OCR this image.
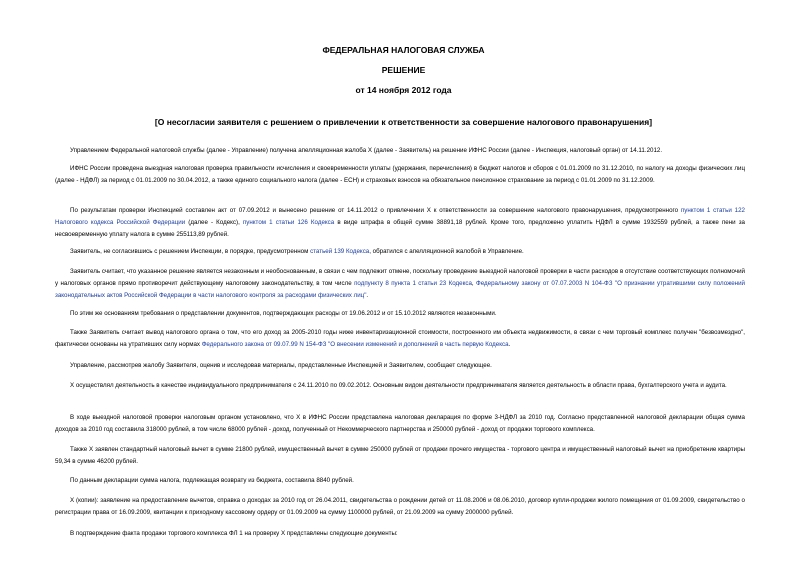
ФЕДЕРАЛЬНАЯ НАЛОГОВАЯ СЛУЖБА
РЕШЕНИЕ
от 14 ноября 2012 года
[О несогласии заявителя с решением о привлечении к ответственности за совершение налогового правонарушения]

Управлением Федеральной налоговой службы (далее - Управление) получена апелляционная жалоба Х (далее - Заявитель) на решение ИФНС России (далее - Инспекция, налоговый орган) от 14.11.2012.

ИФНС России проведена выездная налоговая проверка правильности исчисления и своевременности уплаты (удержания, перечисления) в бюджет налогов и сборов с 01.01.2009 по 31.12.2010, по налогу на доходы физических лиц (далее - НДФЛ) за период с 01.01.2009 по 30.04.2012, а также единого социального налога (далее - ЕСН) и страховых взносов на обязательное пенсионное страхование за период с 01.01.2009 по 31.12.2009.

По результатам проверки Инспекцией составлен акт от 07.09.2012 и вынесено решение от 14.11.2012 о привлечении Х к ответственности за совершение налогового правонарушения, предусмотренного пунктом 1 статьи 122 Налогового кодекса Российской Федерации (далее - Кодекс), пунктом 1 статьи 126 Кодекса в виде штрафа в общей сумме 38891,18 рублей. Кроме того, предложено уплатить НДФЛ в сумме 1932559 рублей, а также пени за несвоевременную уплату налога в сумме 255113,89 рублей.

Заявитель, не согласившись с решением Инспекции, в порядке, предусмотренном статьей 139 Кодекса, обратился с апелляционной жалобой в Управление.

Заявитель считает, что указанное решение является незаконным и необоснованным, в связи с чем подлежит отмене, поскольку проведение выездной налоговой проверки в части расходов в отсутствие соответствующих полномочий у налоговых органов прямо противоречит действующему налоговому законодательству, в том числе подпункту 8 пункта 1 статьи 23 Кодекса, Федеральному закону от 07.07.2003 N 104-ФЗ "О признании утратившими силу положений законодательных актов Российской Федерации в части налогового контроля за расходами физических лиц".

По этим же основаниям требования о представлении документов, подтверждающих расходы от 19.06.2012 и от 15.10.2012 являются незаконными.

Также Заявитель считает вывод налогового органа о том, что его доход за 2005-2010 годы ниже инвентаризационной стоимости, построенного им объекта недвижимости, в связи с чем торговый комплекс получен "безвозмездно", фактически основаны на утративших силу нормах Федерального закона от 09.07.99 N 154-ФЗ "О внесении изменений и дополнений в часть первую Кодекса.

Управление, рассмотрев жалобу Заявителя, оценив и исследовав материалы, представленные Инспекцией и Заявителем, сообщает следующее.

Х осуществлял деятельность в качестве индивидуального предпринимателя с 24.11.2010 по 09.02.2012. Основным видом деятельности предпринимателя является деятельность в области права, бухгалтерского учета и аудита.

В ходе выездной налоговой проверки налоговым органом установлено, что Х в ИФНС России представлена налоговая декларация по форме 3-НДФЛ за 2010 год. Согласно представленной налоговой декларации общая сумма доходов за 2010 год составила 318000 рублей, в том числе 68000 рублей - доход, полученный от Некоммерческого партнерства и 250000 рублей - доход от продажи торгового комплекса.

Также Х заявлен стандартный налоговый вычет в сумме 21800 рублей, имущественный вычет в сумме 250000 рублей от продажи прочего имущества - торгового центра и имущественный налоговый вычет на приобретение квартиры 59,34 в сумме 46200 рублей.

По данным декларации сумма налога, подлежащая возврату из бюджета, составила 8840 рублей.

Х (копии): заявление на предоставление вычетов, справка о доходах за 2010 год от 26.04.2011, свидетельства о рождении детей от 11.08.2006 и 08.06.2010, договор купли-продажи жилого помещения от 01.09.2009, свидетельство о регистрации права от 16.09.2009, квитанции к приходному кассовому ордеру от 01.09.2009 на сумму 1100000 рублей, от 21.09.2009 на сумму 2000000 рублей.

В подтверждение факта продажи торгового комплекса ФЛ 1 на проверку Х представлены следующие документы:
